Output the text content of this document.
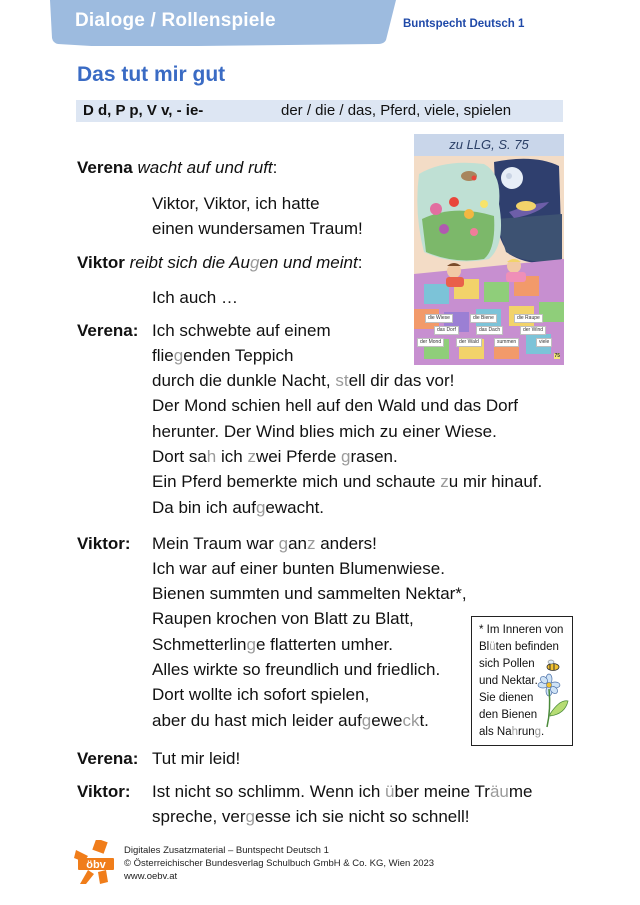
Dialoge / Rollenspiele	Buntspecht Deutsch 1
Das tut mir gut
D d, P p, V v, - ie-	der / die / das, Pferd, viele, spielen
zu LLG, S. 75
die Wiese	die Biene	die Raupe
das Dorf	das Dach	der Wind
der Mond	der Wald	summen	viele
75
Verena wacht auf und ruft:
Viktor, Viktor, ich hatte
einen wundersamen Traum!
Viktor reibt sich die Augen und meint:
Ich auch …
Verena: Ich schwebte auf einem
fliegenden Teppich
durch die dunkle Nacht, stell dir das vor!
Der Mond schien hell auf den Wald und das Dorf
herunter. Der Wind blies mich zu einer Wiese.
Dort sah ich zwei Pferde grasen.
Ein Pferd bemerkte mich und schaute zu mir hinauf.
Da bin ich aufgewacht.
Viktor: Mein Traum war ganz anders!
Ich war auf einer bunten Blumenwiese.
Bienen summten und sammelten Nektar*,
Raupen krochen von Blatt zu Blatt,
Schmetterlinge flatterten umher.
Alles wirkte so freundlich und friedlich.
Dort wollte ich sofort spielen,
aber du hast mich leider aufgeweckt.
* Im Inneren von
Blüten befinden
sich Pollen
und Nektar.
Sie dienen
den Bienen
als Nahrung.
Verena: Tut mir leid!
Viktor: Ist nicht so schlimm. Wenn ich über meine Träume
spreche, vergesse ich sie nicht so schnell!
öbv
Digitales Zusatzmaterial – Buntspecht Deutsch 1
© Österreichischer Bundesverlag Schulbuch GmbH & Co. KG, Wien 2023
www.oebv.at
